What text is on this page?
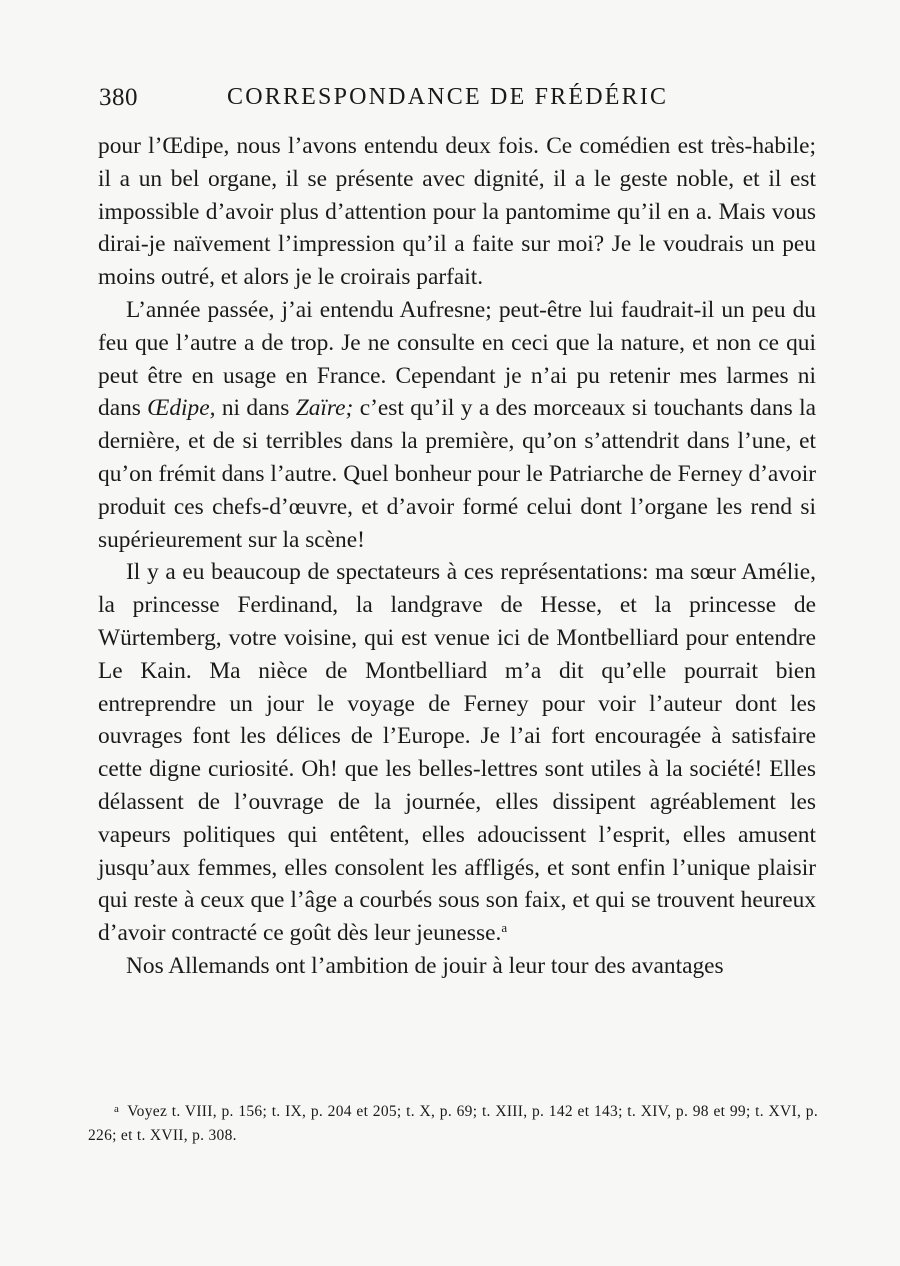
380	CORRESPONDANCE DE FRÉDÉRIC

pour l’Œdipe, nous l’avons entendu deux fois. Ce comédien est très-habile; il a un bel organe, il se présente avec dignité, il a le geste noble, et il est impossible d’avoir plus d’attention pour la pantomime qu’il en a. Mais vous dirai-je naïvement l’impression qu’il a faite sur moi? Je le voudrais un peu moins outré, et alors je le croirais parfait.

L’année passée, j’ai entendu Aufresne; peut-être lui faudrait-il un peu du feu que l’autre a de trop. Je ne consulte en ceci que la nature, et non ce qui peut être en usage en France. Cependant je n’ai pu retenir mes larmes ni dans Œdipe, ni dans Zaïre; c’est qu’il y a des morceaux si touchants dans la dernière, et de si terribles dans la première, qu’on s’attendrit dans l’une, et qu’on frémit dans l’autre. Quel bonheur pour le Patriarche de Ferney d’avoir produit ces chefs-d’œuvre, et d’avoir formé celui dont l’organe les rend si supérieurement sur la scène!

Il y a eu beaucoup de spectateurs à ces représentations: ma sœur Amélie, la princesse Ferdinand, la landgrave de Hesse, et la princesse de Würtemberg, votre voisine, qui est venue ici de Montbelliard pour entendre Le Kain. Ma nièce de Montbelliard m’a dit qu’elle pourrait bien entreprendre un jour le voyage de Ferney pour voir l’auteur dont les ouvrages font les délices de l’Europe. Je l’ai fort encouragée à satisfaire cette digne curiosité. Oh! que les belles-lettres sont utiles à la société! Elles délassent de l’ouvrage de la journée, elles dissipent agréablement les vapeurs politiques qui entêtent, elles adoucissent l’esprit, elles amusent jusqu’aux femmes, elles consolent les affligés, et sont enfin l’unique plaisir qui reste à ceux que l’âge a courbés sous son faix, et qui se trouvent heureux d’avoir contracté ce goût dès leur jeunesse.$^a$

Nos Allemands ont l’ambition de jouir à leur tour des avantages

$^a$ Voyez t. VIII, p. 156; t. IX, p. 204 et 205; t. X, p. 69; t. XIII, p. 142 et 143; t. XIV, p. 98 et 99; t. XVI, p. 226; et t. XVII, p. 308.
